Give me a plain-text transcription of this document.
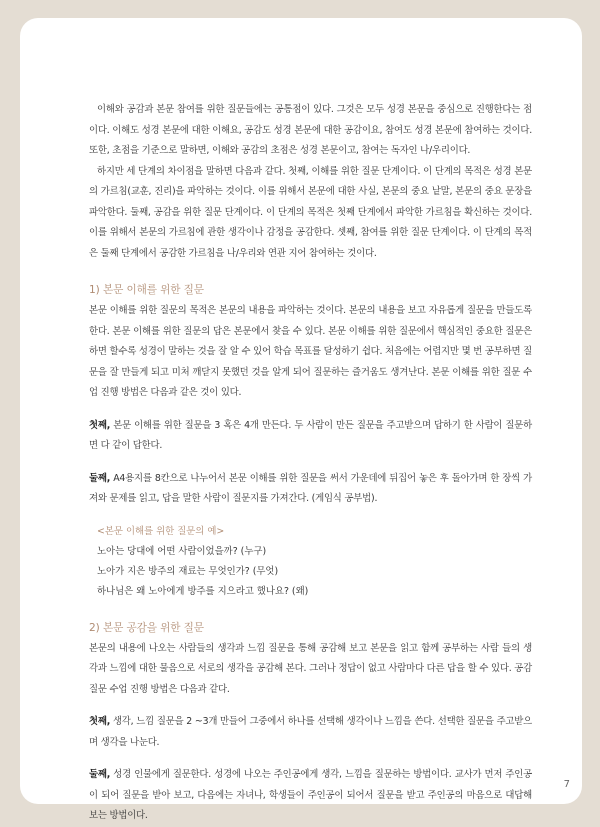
이해와 공감과 본문 참여를 위한 질문들에는 공통점이 있다. 그것은 모두 성경 본문을 중심으로 진행한다는 점이다. 이해도 성경 본문에 대한 이해요, 공감도 성경 본문에 대한 공감이요, 참여도 성경 본문에 참여하는 것이다. 또한, 초점을 기준으로 말하면, 이해와 공감의 초점은 성경 본문이고, 참여는 독자인 나/우리이다.

하지만 세 단계의 차이점을 말하면 다음과 같다. 첫째, 이해를 위한 질문 단계이다. 이 단계의 목적은 성경 본문의 가르침(교훈, 진리)을 파악하는 것이다. 이를 위해서 본문에 대한 사실, 본문의 중요 낱말, 본문의 중요 문장을 파악한다. 둘째, 공감을 위한 질문 단계이다. 이 단계의 목적은 첫째 단계에서 파악한 가르침을 확신하는 것이다. 이를 위해서 본문의 가르침에 관한 생각이나 감정을 공감한다. 셋째, 참여를 위한 질문 단계이다. 이 단계의 목적은 둘째 단계에서 공감한 가르침을 나/우리와 연관 지어 참여하는 것이다.

1) 본문 이해를 위한 질문

본문 이해를 위한 질문의 목적은 본문의 내용을 파악하는 것이다. 본문의 내용을 보고 자유롭게 질문을 만들도록 한다. 본문 이해를 위한 질문의 답은 본문에서 찾을 수 있다. 본문 이해를 위한 질문에서 핵심적인 중요한 질문은 하면 할수록 성경이 말하는 것을 잘 알 수 있어 학습 목표를 달성하기 쉽다. 처음에는 어렵지만 몇 번 공부하면 질문을 잘 만들게 되고 미처 깨닫지 못했던 것을 알게 되어 질문하는 즐거움도 생겨난다. 본문 이해를 위한 질문 수업 진행 방법은 다음과 같은 것이 있다.

첫째, 본문 이해를 위한 질문을 3 혹은 4개 만든다. 두 사람이 만든 질문을 주고받으며 답하기 한 사람이 질문하면 다 같이 답한다.

둘째, A4용지를 8칸으로 나누어서 본문 이해를 위한 질문을 써서 가운데에 뒤집어 놓은 후 돌아가며 한 장씩 가져와 문제를 읽고, 답을 말한 사람이 질문지를 가져간다. (게임식 공부법).

<본문 이해를 위한 질문의 예>

노아는 당대에 어떤 사람이었을까? (누구)

노아가 지은 방주의 재료는 무엇인가? (무엇)

하나님은 왜 노아에게 방주를 지으라고 했나요? (왜)

2) 본문 공감을 위한 질문

본문의 내용에 나오는 사람들의 생각과 느낌 질문을 통해 공감해 보고 본문을 읽고 함께 공부하는 사람 들의 생각과 느낌에 대한 물음으로 서로의 생각을 공감해 본다. 그러나 정답이 없고 사람마다 다른 답을 할 수 있다. 공감 질문 수업 진행 방법은 다음과 같다.

첫째, 생각, 느낌 질문을 2 ~3개 만들어 그중에서 하나를 선택해 생각이나 느낌을 쓴다. 선택한 질문을 주고받으며 생각을 나눈다.

둘째, 성경 인물에게 질문한다. 성경에 나오는 주인공에게 생각, 느낌을 질문하는 방법이다. 교사가 먼저 주인공이 되어 질문을 받아 보고, 다음에는 자녀나, 학생들이 주인공이 되어서 질문을 받고 주인공의 마음으로 대답해보는 방법이다.

7
